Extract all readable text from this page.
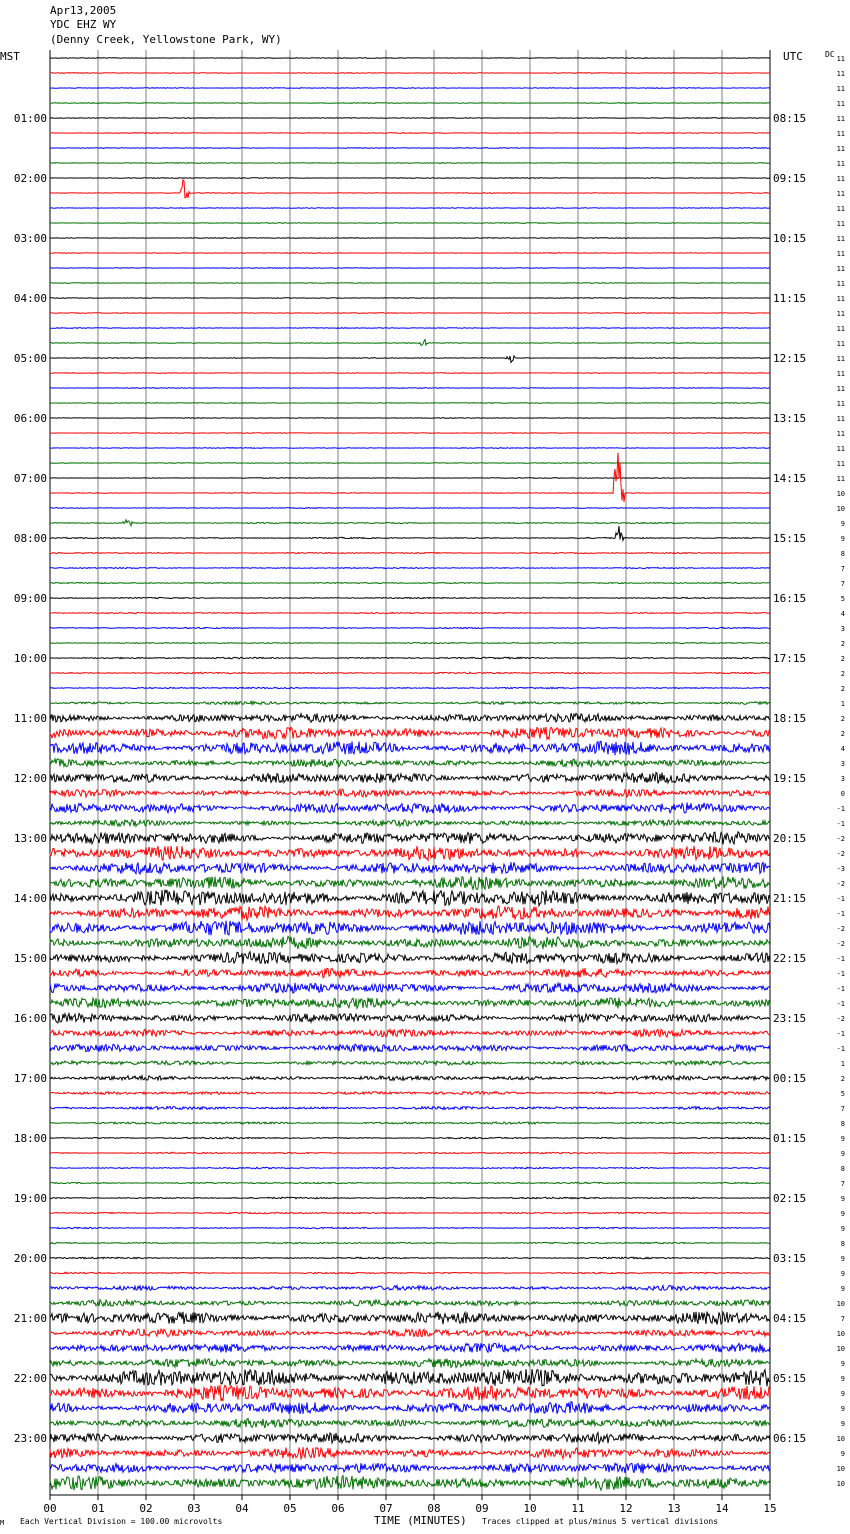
Apr13,2005
YDC EHZ WY
(Denny Creek, Yellowstone Park, WY)
MST	UTC	DC
00	01	02	03	04	05	06	07	08	09	10	11	12	13	14	15
11
11
11
11
11
01:00	08:15
11
11
11
11
02:00	09:15
11
11
11
11
03:00	10:15
11
11
11
11
04:00	11:15
11
11
11
11
05:00	12:15
11
11
11
11
06:00	13:15
11
11
11
11
07:00	14:15
10
10
9
9
08:00	15:15
8
7
7
5
09:00	16:15
4
3
2
2
10:00	17:15
2
2
1
2
11:00	18:15
2
4
3
3
12:00	19:15
0
-1
-1
-2
13:00	20:15
-2
-3
-2
-1
14:00	21:15
-1
-2
-2
-1
15:00	22:15
-1
-1
-1
-2
16:00	23:15
-1
-1
1
2
17:00	00:15
5
7
8
9
18:00	01:15
9
8
7
9
19:00	02:15
9
9
8
9
20:00	03:15
9
9
10
7
21:00	04:15
10
10
9
9
22:00	05:15
9
9
9
10
23:00	06:15
9
10
10
M Each Vertical Division = 100.00 microvolts	TIME (MINUTES) Traces clipped at plus/minus 5 vertical divisions
